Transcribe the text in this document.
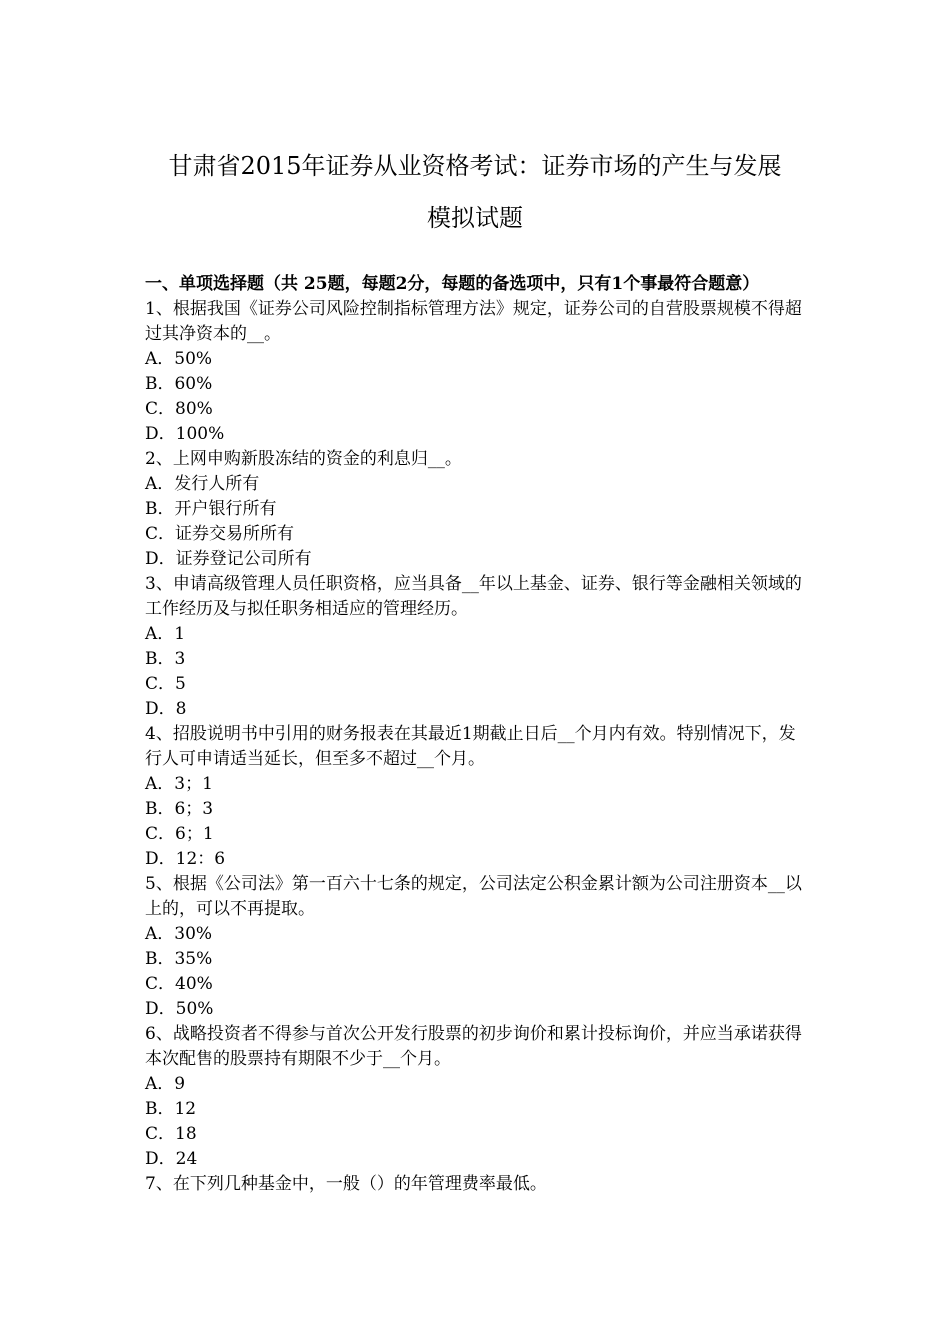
甘肃省2015年证券从业资格考试：证券市场的产生与发展
模拟试题

一、单项选择题（共 25题，每题2分，每题的备选项中，只有1个事最符合题意）

1、根据我国《证券公司风险控制指标管理方法》规定，证券公司的自营股票规模不得超过其净资本的__。

A．50%

B．60%

C．80%

D．100%

2、上网申购新股冻结的资金的利息归__。

A．发行人所有

B．开户银行所有

C．证券交易所所有

D．证券登记公司所有

3、申请高级管理人员任职资格，应当具备__年以上基金、证券、银行等金融相关领域的工作经历及与拟任职务相适应的管理经历。

A．1

B．3

C．5

D．8

4、招股说明书中引用的财务报表在其最近1期截止日后__个月内有效。特别情况下，发行人可申请适当延长，但至多不超过__个月。

A．3；1

B．6；3

C．6；1

D．12：6

5、根据《公司法》第一百六十七条的规定，公司法定公积金累计额为公司注册资本__以上的，可以不再提取。

A．30%

B．35%

C．40%

D．50%

6、战略投资者不得参与首次公开发行股票的初步询价和累计投标询价，并应当承诺获得本次配售的股票持有期限不少于__个月。

A．9

B．12

C．18

D．24

7、在下列几种基金中，一般（）的年管理费率最低。
